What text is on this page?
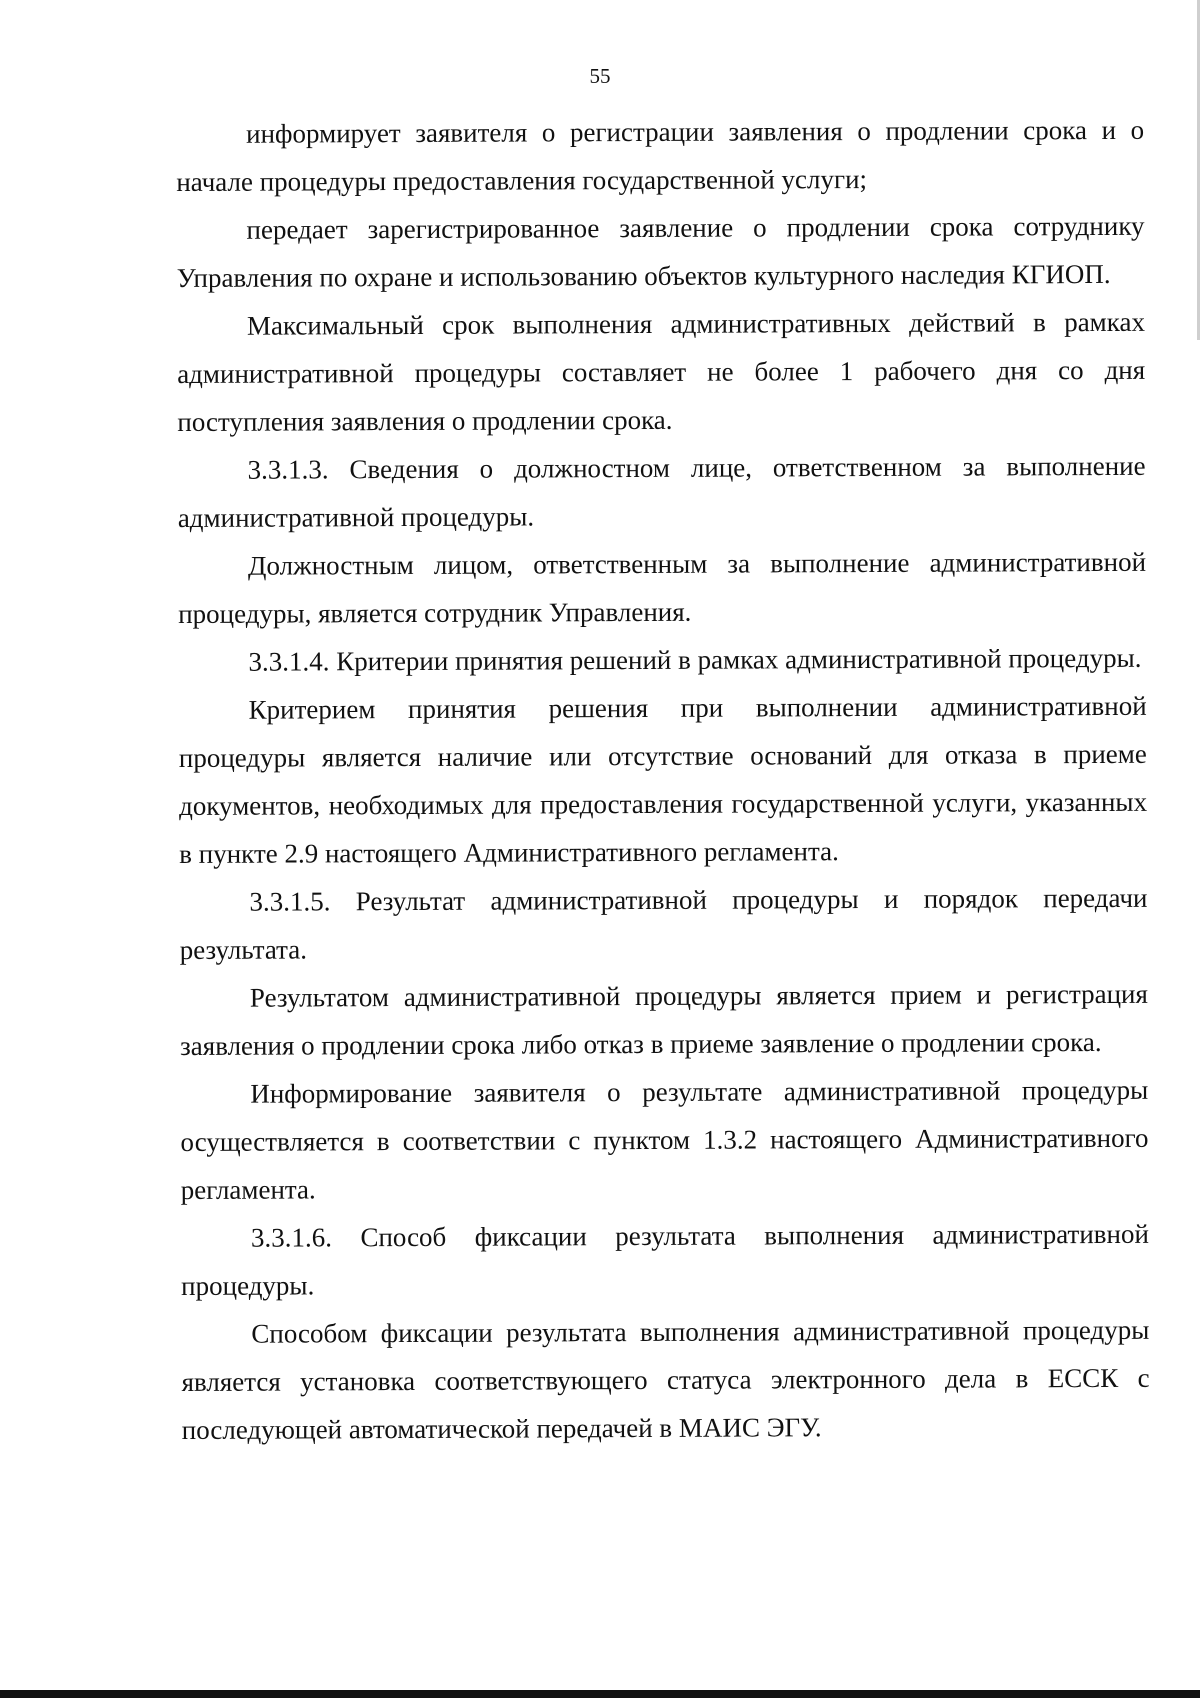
55

информирует заявителя о регистрации заявления о продлении срока и о начале процедуры предоставления государственной услуги;

передает зарегистрированное заявление о продлении срока сотруднику Управления по охране и использованию объектов культурного наследия КГИОП.

Максимальный срок выполнения административных действий в рамках административной процедуры составляет не более 1 рабочего дня со дня поступления заявления о продлении срока.

3.3.1.3. Сведения о должностном лице, ответственном за выполнение административной процедуры.

Должностным лицом, ответственным за выполнение административной процедуры, является сотрудник Управления.

3.3.1.4. Критерии принятия решений в рамках административной процедуры.

Критерием принятия решения при выполнении административной процедуры является наличие или отсутствие оснований для отказа в приеме документов, необходимых для предоставления государственной услуги, указанных в пункте 2.9 настоящего Административного регламента.

3.3.1.5. Результат административной процедуры и порядок передачи результата.

Результатом административной процедуры является прием и регистрация заявления о продлении срока либо отказ в приеме заявление о продлении срока.

Информирование заявителя о результате административной процедуры осуществляется в соответствии с пунктом 1.3.2 настоящего Административного регламента.

3.3.1.6. Способ фиксации результата выполнения административной процедуры.

Способом фиксации результата выполнения административной процедуры является установка соответствующего статуса электронного дела в ЕССК с последующей автоматической передачей в МАИС ЭГУ.
